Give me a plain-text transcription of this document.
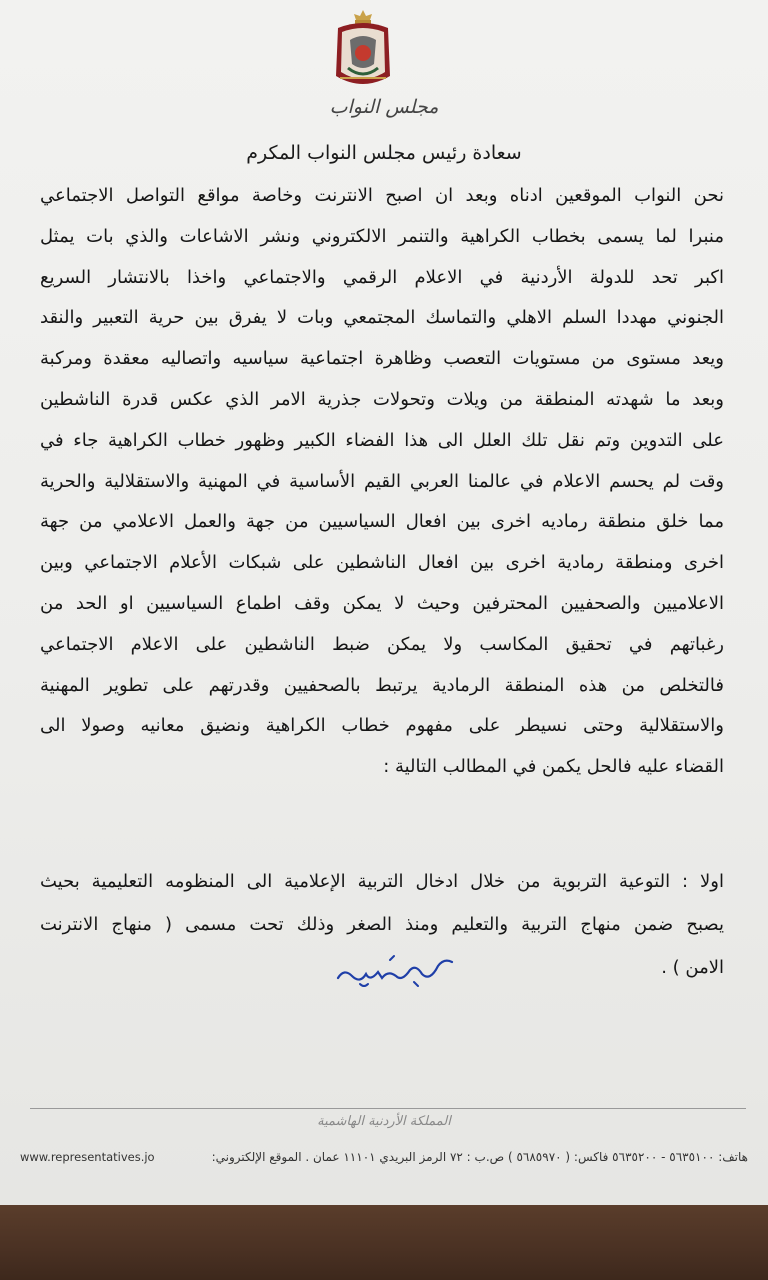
مجلس النواب
سعادة رئيس مجلس النواب المكرم
نحن النواب الموقعين ادناه وبعد ان اصبح الانترنت وخاصة مواقع التواصل الاجتماعي
منبرا لما يسمى بخطاب الكراهية والتنمر الالكتروني ونشر الاشاعات والذي بات يمثل
اكبر تحد للدولة الأردنية في الاعلام الرقمي والاجتماعي واخذا بالانتشار السريع
الجنوني مهددا السلم الاهلي والتماسك المجتمعي وبات لا يفرق بين حرية التعبير والنقد
ويعد مستوى من مستويات التعصب وظاهرة اجتماعية سياسيه واتصاليه معقدة ومركبة
وبعد ما شهدته المنطقة من ويلات وتحولات جذرية الامر الذي عكس قدرة الناشطين
على التدوين وتم نقل تلك العلل الى هذا الفضاء الكبير وظهور خطاب الكراهية جاء في
وقت لم يحسم الاعلام في عالمنا العربي القيم الأساسية في المهنية والاستقلالية والحرية
مما خلق منطقة رماديه اخرى بين افعال السياسيين من جهة والعمل الاعلامي من جهة
اخرى ومنطقة رمادية اخرى بين افعال الناشطين على شبكات الأعلام الاجتماعي وبين
الاعلاميين والصحفيين المحترفين وحيث لا يمكن وقف اطماع السياسيين او الحد من
رغباتهم في تحقيق المكاسب ولا يمكن ضبط الناشطين على الاعلام الاجتماعي
فالتخلص من هذه المنطقة الرمادية يرتبط بالصحفيين وقدرتهم على تطوير المهنية
والاستقلالية وحتى نسيطر على مفهوم خطاب الكراهية ونضيق معانيه وصولا الى
القضاء عليه فالحل يكمن في المطالب التالية :
اولا : التوعية التربوية من خلال ادخال التربية الإعلامية الى المنظومه التعليمية بحيث
يصبح ضمن منهاج التربية والتعليم ومنذ الصغر وذلك تحت مسمى ( منهاج الانترنت
الامن ) .
المملكة الأردنية الهاشمية
هاتف: ٥٦٣٥١٠٠ - ٥٦٣٥٢٠٠ فاكس: ( ٥٦٨٥٩٧٠ ) ص.ب : ٧٢ الرمز البريدي ١١١٠١ عمان . الموقع الإلكتروني:
www.representatives.jo
